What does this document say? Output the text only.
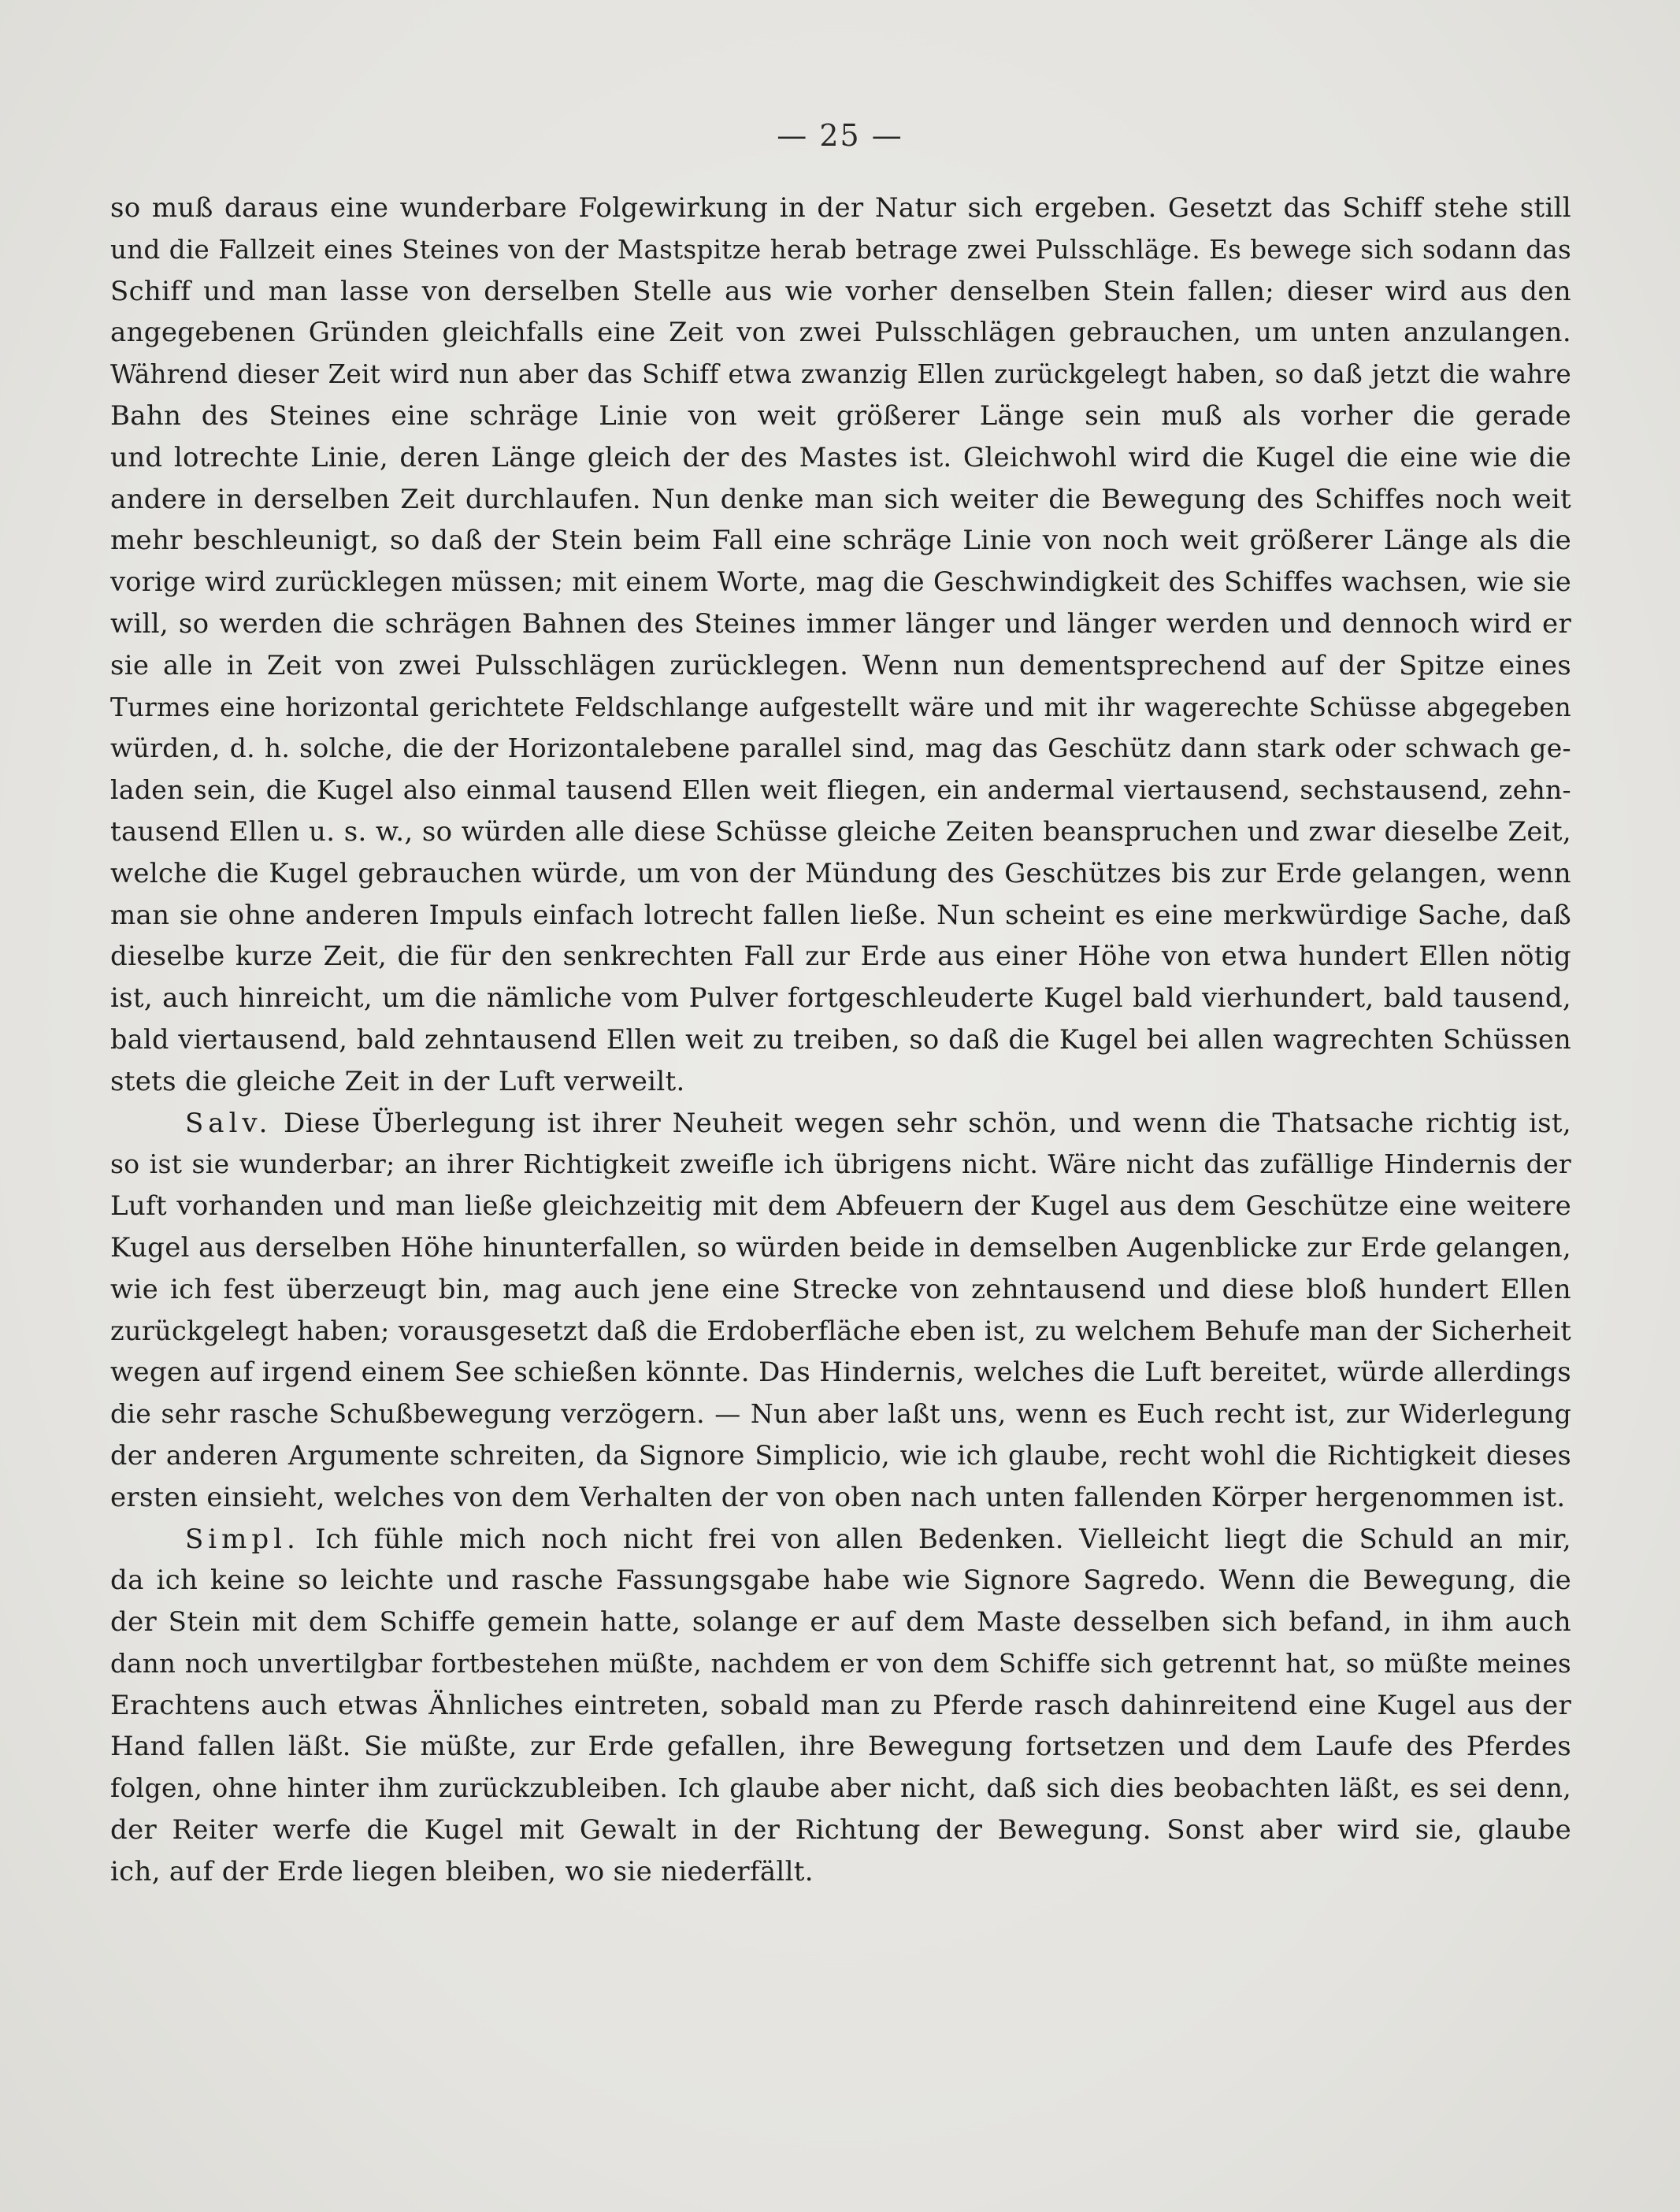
— 25 —
so muß daraus eine wunderbare Folgewirkung in der Natur sich ergeben. Gesetzt das Schiff stehe still
und die Fallzeit eines Steines von der Mastspitze herab betrage zwei Pulsschläge. Es bewege sich sodann das
Schiff und man lasse von derselben Stelle aus wie vorher denselben Stein fallen; dieser wird aus den
angegebenen Gründen gleichfalls eine Zeit von zwei Pulsschlägen gebrauchen, um unten anzulangen.
Während dieser Zeit wird nun aber das Schiff etwa zwanzig Ellen zurückgelegt haben, so daß jetzt die wahre
Bahn des Steines eine schräge Linie von weit größerer Länge sein muß als vorher die gerade
und lotrechte Linie, deren Länge gleich der des Mastes ist. Gleichwohl wird die Kugel die eine wie die
andere in derselben Zeit durchlaufen. Nun denke man sich weiter die Bewegung des Schiffes noch weit
mehr beschleunigt, so daß der Stein beim Fall eine schräge Linie von noch weit größerer Länge als die
vorige wird zurücklegen müssen; mit einem Worte, mag die Geschwindigkeit des Schiffes wachsen, wie sie
will, so werden die schrägen Bahnen des Steines immer länger und länger werden und dennoch wird er
sie alle in Zeit von zwei Pulsschlägen zurücklegen. Wenn nun dementsprechend auf der Spitze eines
Turmes eine horizontal gerichtete Feldschlange aufgestellt wäre und mit ihr wagerechte Schüsse abgegeben
würden, d. h. solche, die der Horizontalebene parallel sind, mag das Geschütz dann stark oder schwach ge-
laden sein, die Kugel also einmal tausend Ellen weit fliegen, ein andermal viertausend, sechstausend, zehn-
tausend Ellen u. s. w., so würden alle diese Schüsse gleiche Zeiten beanspruchen und zwar dieselbe Zeit,
welche die Kugel gebrauchen würde, um von der Mündung des Geschützes bis zur Erde gelangen, wenn
man sie ohne anderen Impuls einfach lotrecht fallen ließe. Nun scheint es eine merkwürdige Sache, daß
dieselbe kurze Zeit, die für den senkrechten Fall zur Erde aus einer Höhe von etwa hundert Ellen nötig
ist, auch hinreicht, um die nämliche vom Pulver fortgeschleuderte Kugel bald vierhundert, bald tausend,
bald viertausend, bald zehntausend Ellen weit zu treiben, so daß die Kugel bei allen wagrechten Schüssen
stets die gleiche Zeit in der Luft verweilt.
Salv. Diese Überlegung ist ihrer Neuheit wegen sehr schön, und wenn die Thatsache richtig ist,
so ist sie wunderbar; an ihrer Richtigkeit zweifle ich übrigens nicht. Wäre nicht das zufällige Hindernis der
Luft vorhanden und man ließe gleichzeitig mit dem Abfeuern der Kugel aus dem Geschütze eine weitere
Kugel aus derselben Höhe hinunterfallen, so würden beide in demselben Augenblicke zur Erde gelangen,
wie ich fest überzeugt bin, mag auch jene eine Strecke von zehntausend und diese bloß hundert Ellen
zurückgelegt haben; vorausgesetzt daß die Erdoberfläche eben ist, zu welchem Behufe man der Sicherheit
wegen auf irgend einem See schießen könnte. Das Hindernis, welches die Luft bereitet, würde allerdings
die sehr rasche Schußbewegung verzögern. — Nun aber laßt uns, wenn es Euch recht ist, zur Widerlegung
der anderen Argumente schreiten, da Signore Simplicio, wie ich glaube, recht wohl die Richtigkeit dieses
ersten einsieht, welches von dem Verhalten der von oben nach unten fallenden Körper hergenommen ist.
Simpl. Ich fühle mich noch nicht frei von allen Bedenken. Vielleicht liegt die Schuld an mir,
da ich keine so leichte und rasche Fassungsgabe habe wie Signore Sagredo. Wenn die Bewegung, die
der Stein mit dem Schiffe gemein hatte, solange er auf dem Maste desselben sich befand, in ihm auch
dann noch unvertilgbar fortbestehen müßte, nachdem er von dem Schiffe sich getrennt hat, so müßte meines
Erachtens auch etwas Ähnliches eintreten, sobald man zu Pferde rasch dahinreitend eine Kugel aus der
Hand fallen läßt. Sie müßte, zur Erde gefallen, ihre Bewegung fortsetzen und dem Laufe des Pferdes
folgen, ohne hinter ihm zurückzubleiben. Ich glaube aber nicht, daß sich dies beobachten läßt, es sei denn,
der Reiter werfe die Kugel mit Gewalt in der Richtung der Bewegung. Sonst aber wird sie, glaube
ich, auf der Erde liegen bleiben, wo sie niederfällt.
